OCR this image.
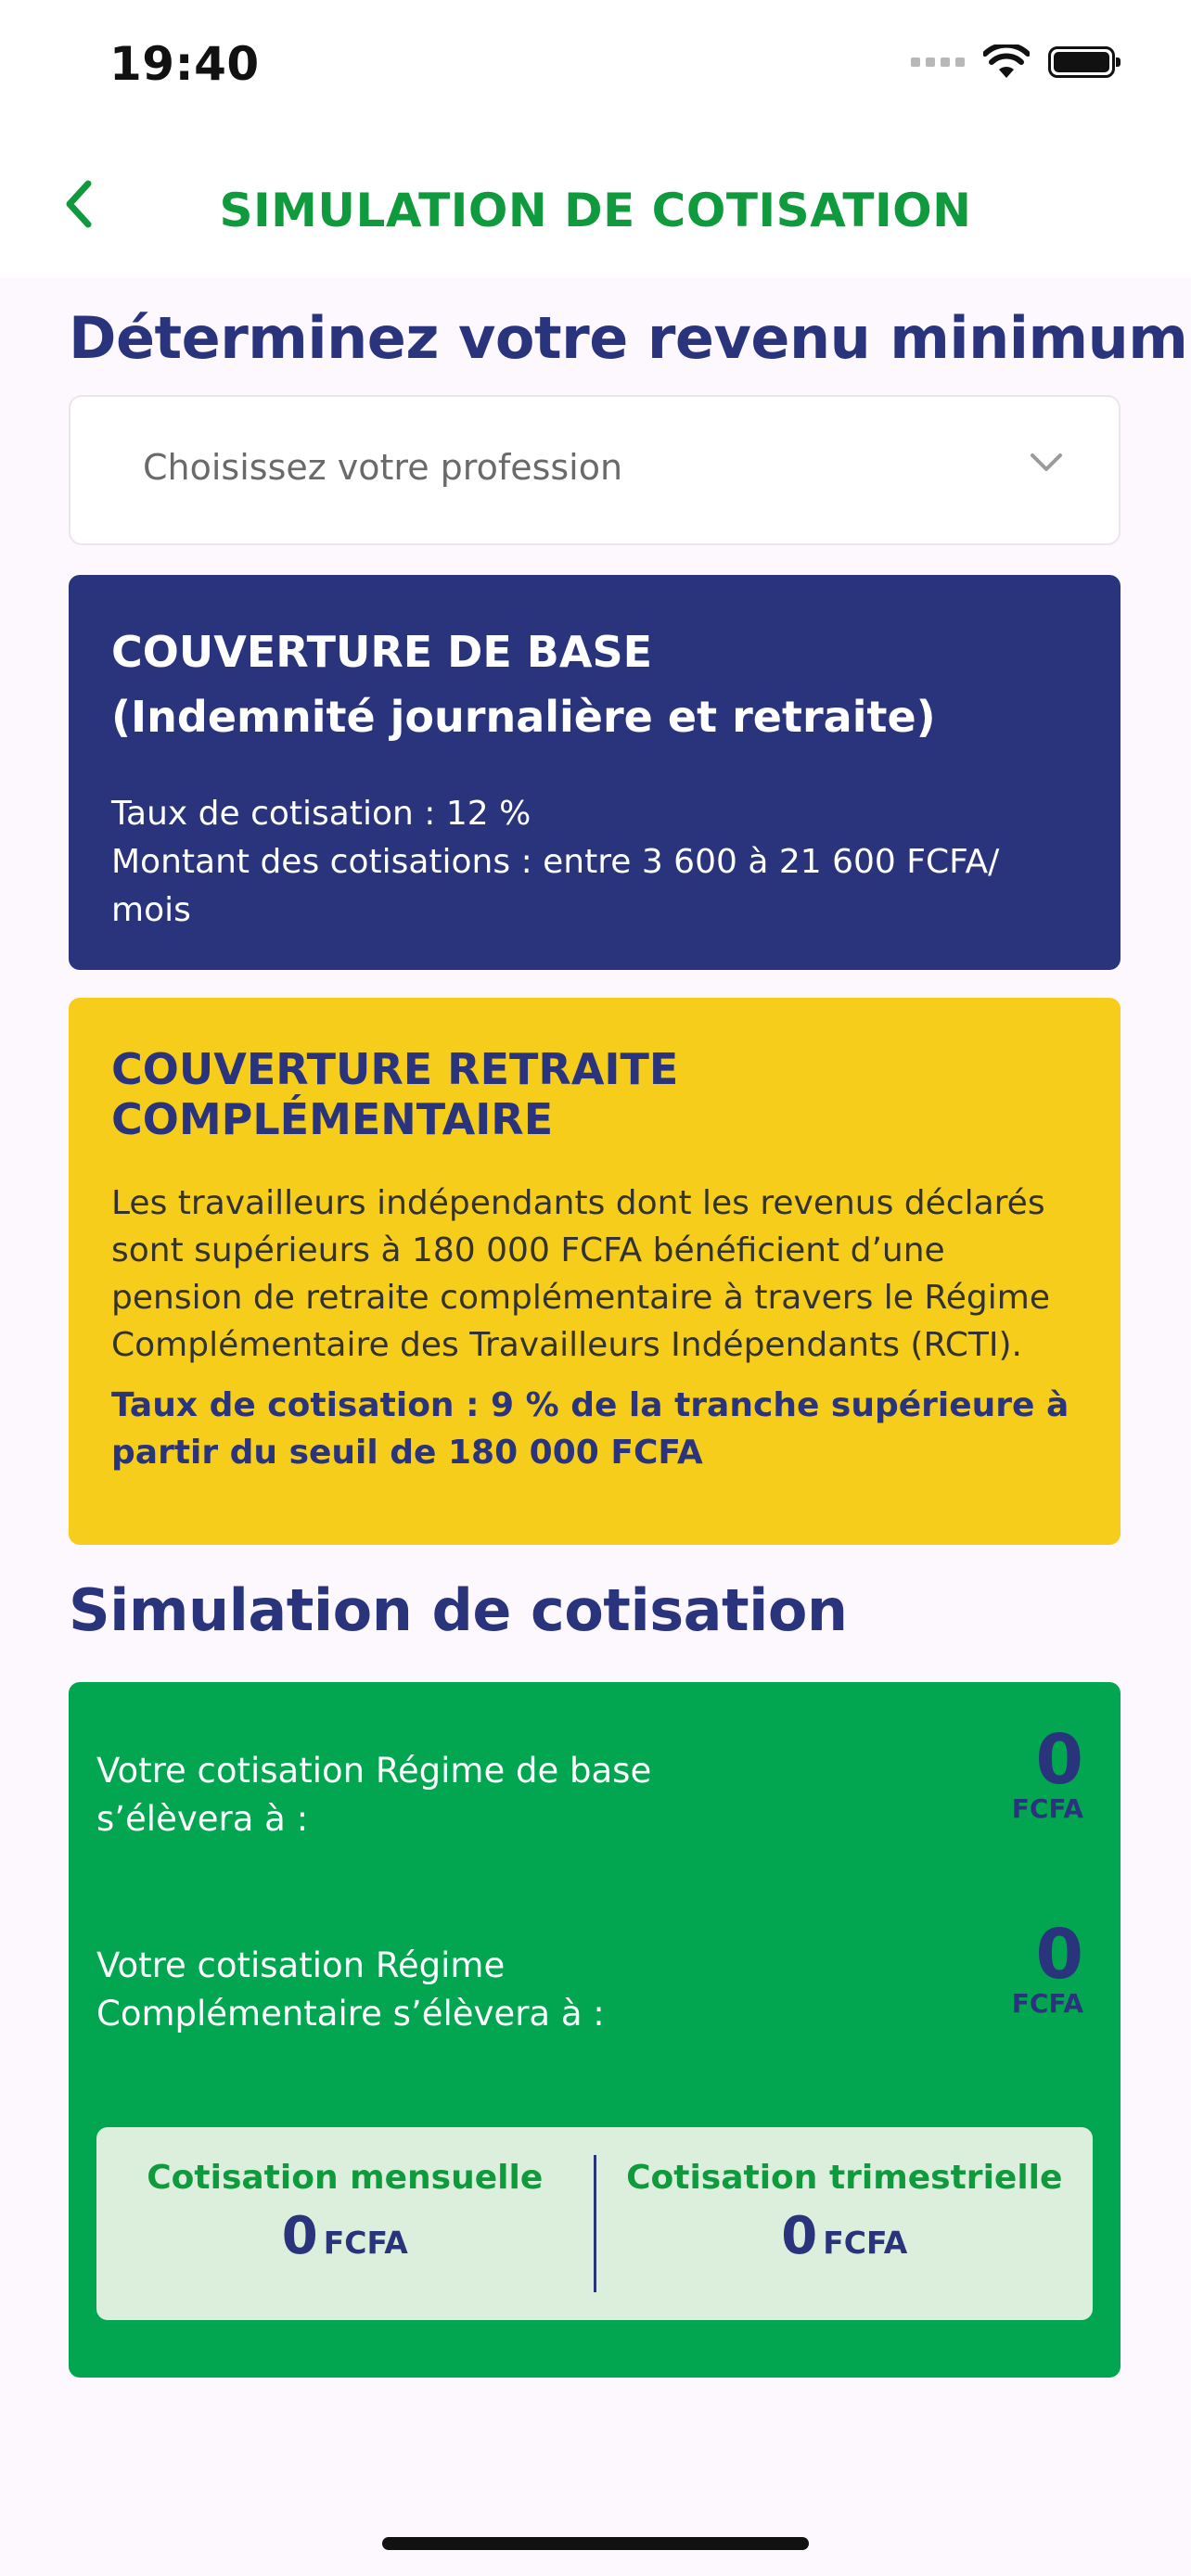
19:40
SIMULATION DE COTISATION
Déterminez votre revenu minimum
Choisissez votre profession
COUVERTURE DE BASE
(Indemnité journalière et retraite)
Taux de cotisation : 12 %
Montant des cotisations : entre 3 600 à 21 600 FCFA/
mois
COUVERTURE RETRAITE COMPLÉMENTAIRE
Les travailleurs indépendants dont les revenus déclarés sont supérieurs à 180 000 FCFA bénéficient d’une pension de retraite complémentaire à travers le Régime Complémentaire des Travailleurs Indépendants (RCTI).
Taux de cotisation : 9 % de la tranche supérieure à partir du seuil de 180 000 FCFA
Simulation de cotisation
Votre cotisation Régime de base s’élèvera à :
0
FCFA
Votre cotisation Régime Complémentaire s’élèvera à :
0
FCFA
Cotisation mensuelle
0 FCFA
Cotisation trimestrielle
0 FCFA
